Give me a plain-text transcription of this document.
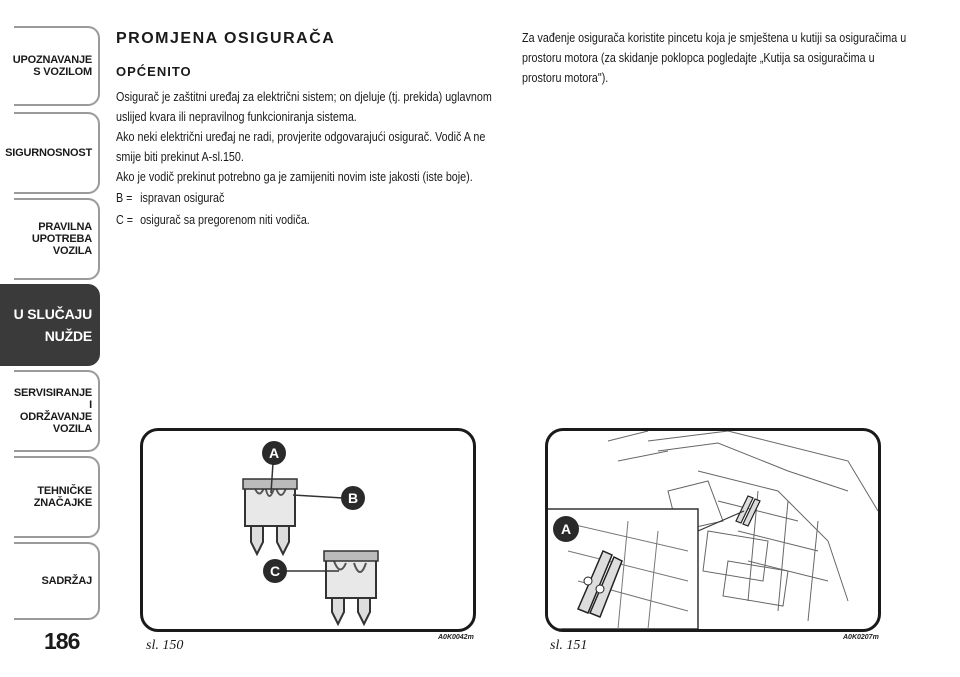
UPOZNAVANJE
S VOZILOM
SIGURNOSNOST
PRAVILNA
UPOTREBA
VOZILA
U SLUČAJU
NUŽDE
SERVISIRANJE I
ODRŽAVANJE
VOZILA
TEHNIČKE
ZNAČAJKE
SADRŽAJ
186
PROMJENA OSIGURAČA
OPĆENITO

Osigurač je zaštitni uređaj za električni sistem; on djeluje (tj. prekida) uglavnom uslijed kvara ili nepravilnog funkcioniranja sistema.

Ako neki električni uređaj ne radi, provjerite odgovarajući osigurač. Vodič A ne smije biti prekinut A-sl.150.

Ako je vodič prekinut potrebno ga je zamijeniti novim iste jakosti (iste boje).

B = ispravan osigurač
C = osigurač sa pregorenom niti vodiča.

Za vađenje osigurača koristite pincetu koja je smještena u kutiji sa osiguračima u prostoru motora (za skidanje poklopca pogledajte „Kutija sa osiguračima u prostoru motora").

A
B
C
sl. 150
A0K0042m
A
sl. 151
A0K0207m
